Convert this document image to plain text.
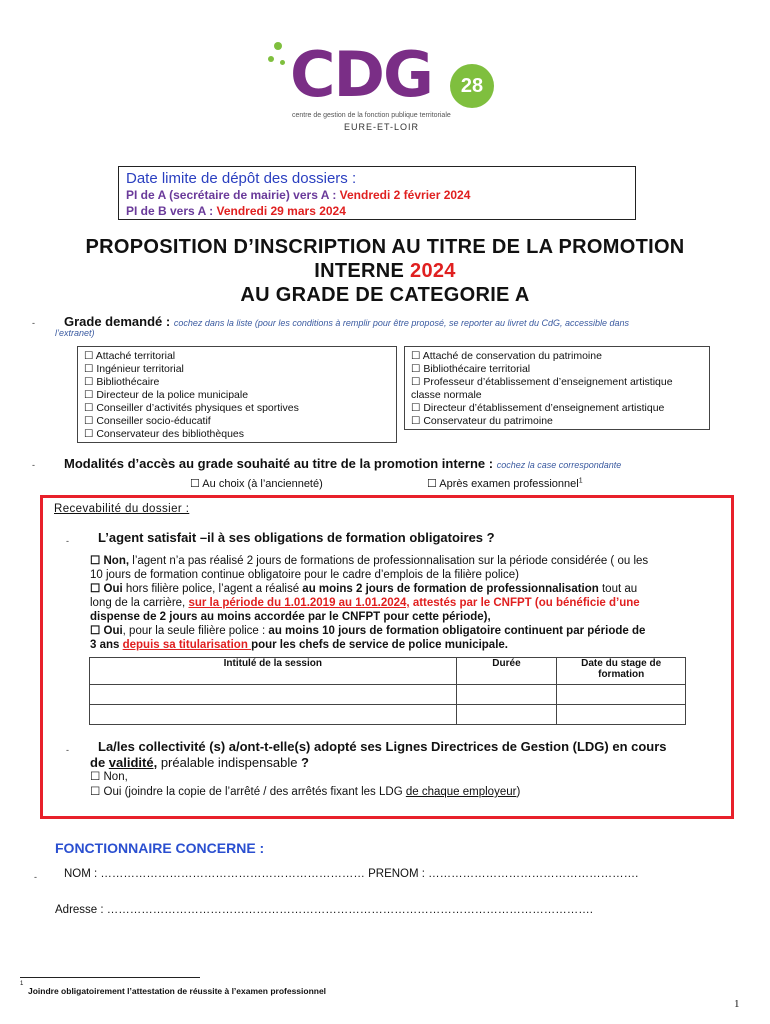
CDG	28
centre de gestion de la fonction publique territoriale
EURE-ET-LOIR
Date limite de dépôt des dossiers :
PI de A (secrétaire de mairie) vers A : Vendredi 2 février 2024
PI de B vers A : Vendredi 29 mars 2024
PROPOSITION D’INSCRIPTION AU TITRE DE LA PROMOTION
INTERNE 2024
AU GRADE DE CATEGORIE A
- Grade demandé : cochez dans la liste (pour les conditions à remplir pour être proposé, se reporter au livret du CdG, accessible dans
l’extranet)
☐ Attaché territorial
☐ Ingénieur territorial
☐ Bibliothécaire
☐ Directeur de la police municipale
☐ Conseiller d’activités physiques et sportives
☐ Conseiller socio-éducatif
☐ Conservateur des bibliothèques
☐ Attaché de conservation du patrimoine
☐ Bibliothécaire territorial
☐ Professeur d’établissement d’enseignement artistique
classe normale
☐ Directeur d’établissement d’enseignement artistique
☐ Conservateur du patrimoine
- Modalités d’accès au grade souhaité au titre de la promotion interne : cochez la case correspondante
☐ Au choix (à l’ancienneté)	☐ Après examen professionnel$^1$
Recevabilité du dossier :
- L’agent satisfait –il à ses obligations de formation obligatoires ?
☐ Non, l’agent n’a pas réalisé 2 jours de formations de professionnalisation sur la période considérée ( ou les
10 jours de formation continue obligatoire pour le cadre d’emplois de la filière police)
☐ Oui hors filière police, l’agent a réalisé au moins 2 jours de formation de professionnalisation tout au
long de la carrière, sur la période du 1.01.2019 au 1.01.2024, attestés par le CNFPT (ou bénéficie d’une
dispense de 2 jours au moins accordée par le CNFPT pour cette période),
☐ Oui, pour la seule filière police : au moins 10 jours de formation obligatoire continuent par période de
3 ans depuis sa titularisation pour les chefs de service de police municipale.
Intitulé de la session	Durée	Date du stage de formation

- La/les collectivité (s) a/ont-t-elle(s) adopté ses Lignes Directrices de Gestion (LDG) en cours
de validité, préalable indispensable ?
☐ Non,
☐ Oui (joindre la copie de l’arrêté / des arrêtés fixant les LDG de chaque employeur)
FONCTIONNAIRE CONCERNE :
- NOM : …………………………………………………………… PRENOM : ……………………………………………….
Adresse : ……………………………………………………………………………………………………………….
1
Joindre obligatoirement l’attestation de réussite à l’examen professionnel
1
